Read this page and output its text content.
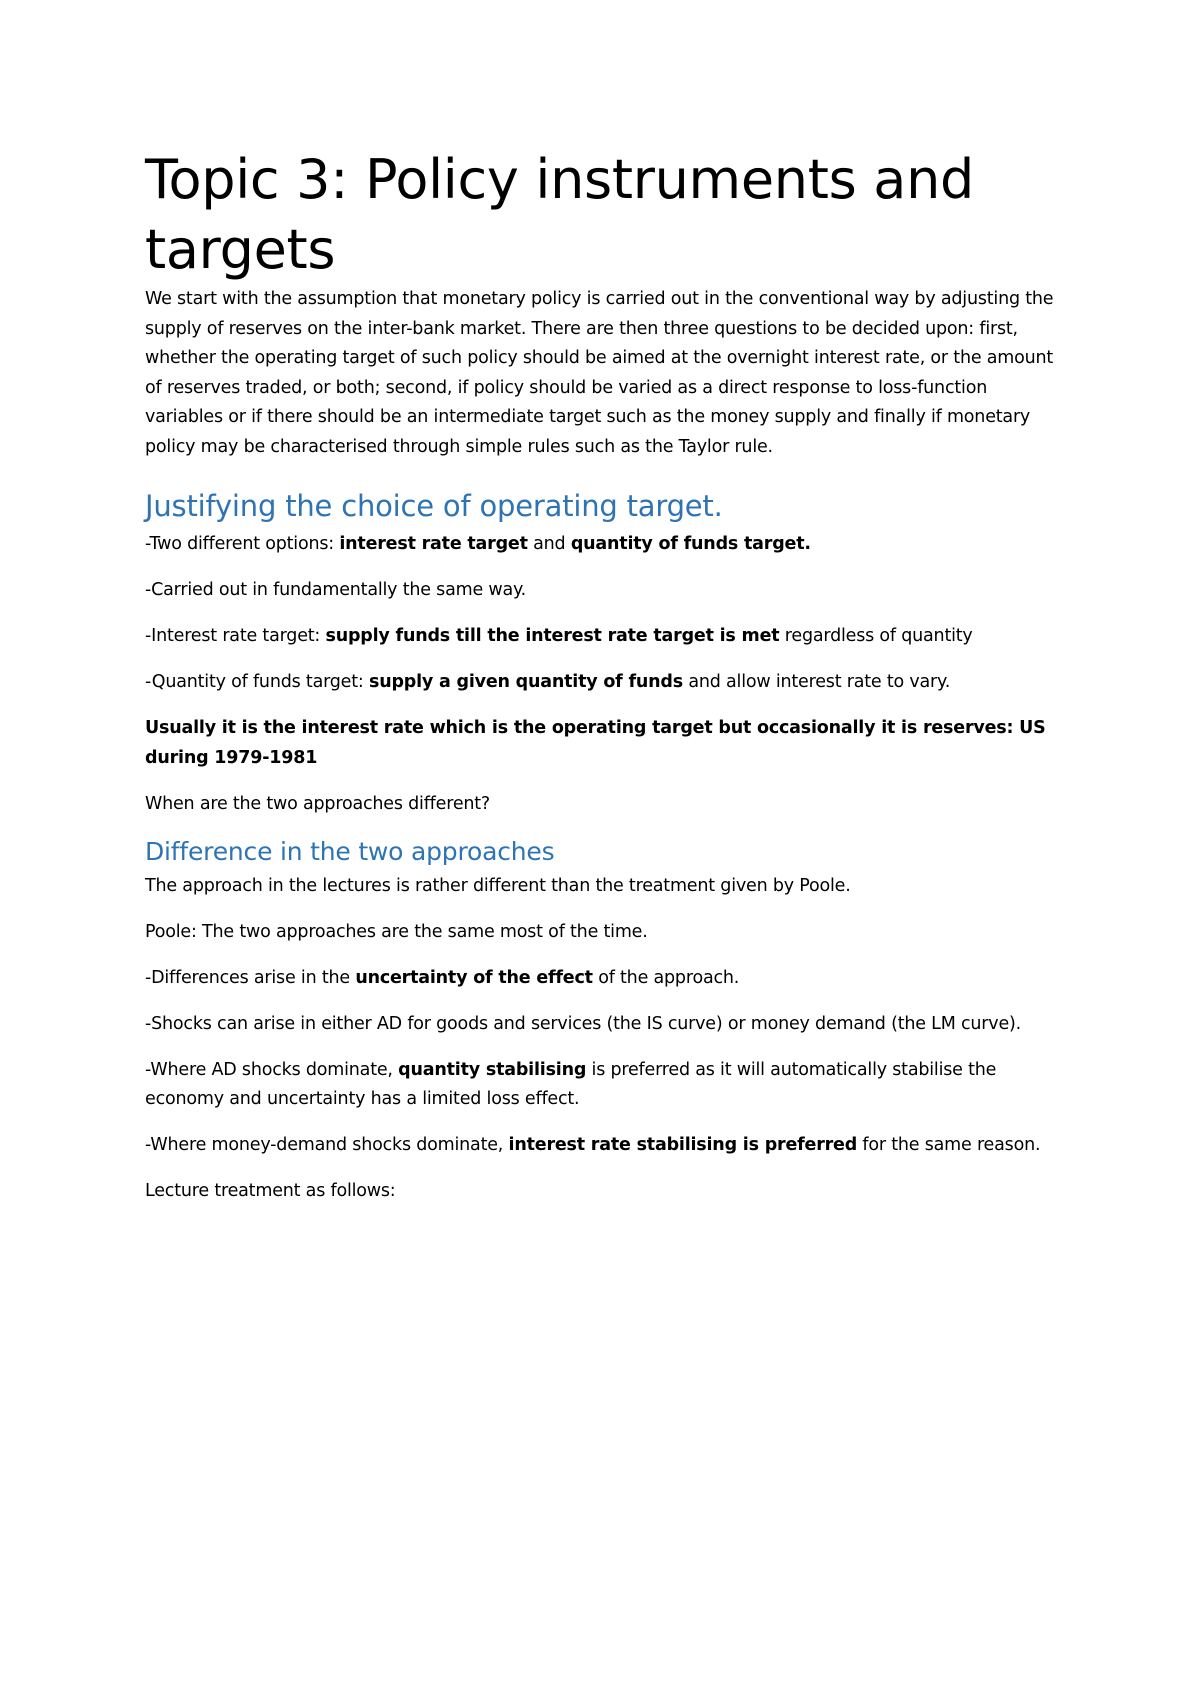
Topic 3: Policy instruments and targets

We start with the assumption that monetary policy is carried out in the conventional way by adjusting the supply of reserves on the inter-bank market. There are then three questions to be decided upon: first, whether the operating target of such policy should be aimed at the overnight interest rate, or the amount of reserves traded, or both; second, if policy should be varied as a direct response to loss-function variables or if there should be an intermediate target such as the money supply and finally if monetary policy may be characterised through simple rules such as the Taylor rule.

Justifying the choice of operating target.

-Two different options: interest rate target and quantity of funds target.

-Carried out in fundamentally the same way.

-Interest rate target: supply funds till the interest rate target is met regardless of quantity

-Quantity of funds target: supply a given quantity of funds and allow interest rate to vary.

Usually it is the interest rate which is the operating target but occasionally it is reserves: US during 1979-1981

When are the two approaches different?

Difference in the two approaches

The approach in the lectures is rather different than the treatment given by Poole.

Poole: The two approaches are the same most of the time.

-Differences arise in the uncertainty of the effect of the approach.

-Shocks can arise in either AD for goods and services (the IS curve) or money demand (the LM curve).

-Where AD shocks dominate, quantity stabilising is preferred as it will automatically stabilise the economy and uncertainty has a limited loss effect.

-Where money-demand shocks dominate, interest rate stabilising is preferred for the same reason.

Lecture treatment as follows:
